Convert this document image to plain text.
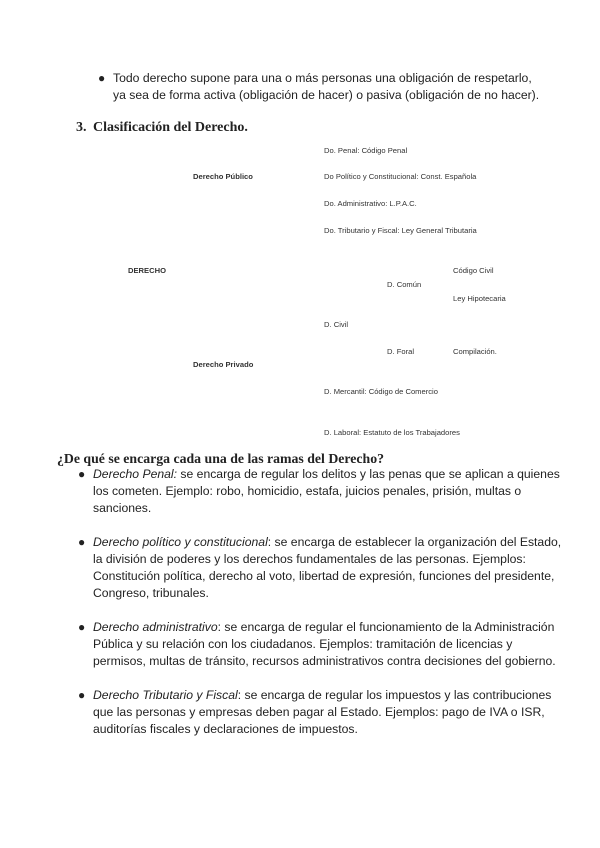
● Todo derecho supone para una o más personas una obligación de respetarlo,
ya sea de forma activa (obligación de hacer) o pasiva (obligación de no hacer).
3. Clasificación del Derecho.
Do. Penal: Código Penal
Derecho Público	Do Político y Constitucional: Const. Española
Do. Administrativo: L.P.A.C.
Do. Tributario y Fiscal: Ley General Tributaria
DERECHO	Código Civil
D. Común
Ley Hipotecaria
D. Civil
D. Foral	Compilación.
Derecho Privado
D. Mercantil: Código de Comercio
D. Laboral: Estatuto de los Trabajadores
¿De qué se encarga cada una de las ramas del Derecho?
● Derecho Penal: se encarga de regular los delitos y las penas que se aplican a quienes los cometen. Ejemplo: robo, homicidio, estafa, juicios penales, prisión, multas o sanciones.
● Derecho político y constitucional: se encarga de establecer la organización del Estado, la división de poderes y los derechos fundamentales de las personas. Ejemplos: Constitución política, derecho al voto, libertad de expresión, funciones del presidente, Congreso, tribunales.
● Derecho administrativo: se encarga de regular el funcionamiento de la Administración Pública y su relación con los ciudadanos. Ejemplos: tramitación de licencias y permisos, multas de tránsito, recursos administrativos contra decisiones del gobierno.
● Derecho Tributario y Fiscal: se encarga de regular los impuestos y las contribuciones que las personas y empresas deben pagar al Estado. Ejemplos: pago de IVA o ISR, auditorías fiscales y declaraciones de impuestos.
